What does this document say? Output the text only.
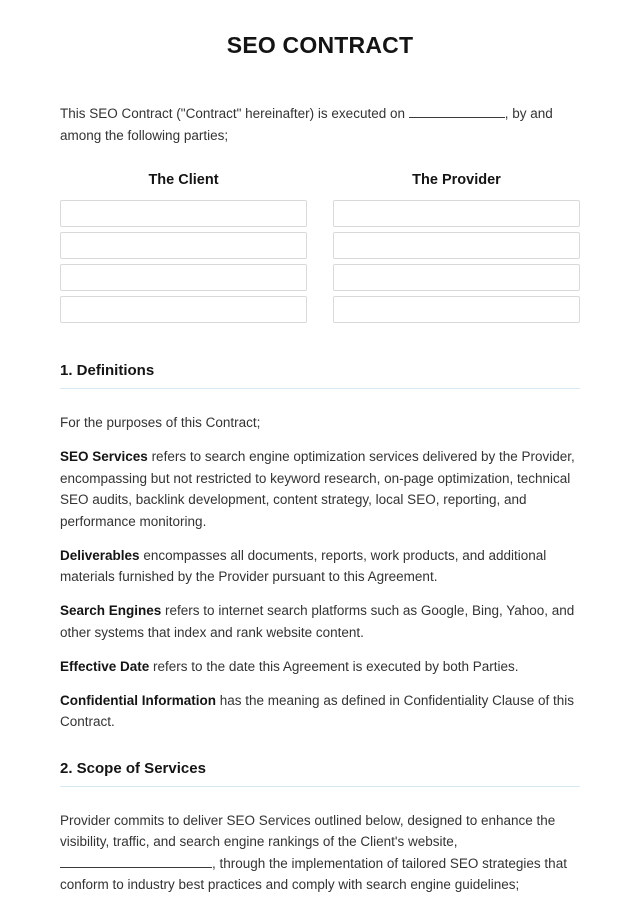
SEO CONTRACT

This SEO Contract ("Contract" hereinafter) is executed on	, by and among the following parties;

The Client	The Provider
1. Definitions

For the purposes of this Contract;

SEO Services refers to search engine optimization services delivered by the Provider, encompassing but not restricted to keyword research, on-page optimization, technical SEO audits, backlink development, content strategy, local SEO, reporting, and performance monitoring.

Deliverables encompasses all documents, reports, work products, and additional materials furnished by the Provider pursuant to this Agreement.

Search Engines refers to internet search platforms such as Google, Bing, Yahoo, and other systems that index and rank website content.

Effective Date refers to the date this Agreement is executed by both Parties.

Confidential Information has the meaning as defined in Confidentiality Clause of this Contract.

2. Scope of Services

Provider commits to deliver SEO Services outlined below, designed to enhance the visibility, traffic, and search engine rankings of the Client's website, , through the implementation of tailored SEO strategies that conform to industry best practices and comply with search engine guidelines;
